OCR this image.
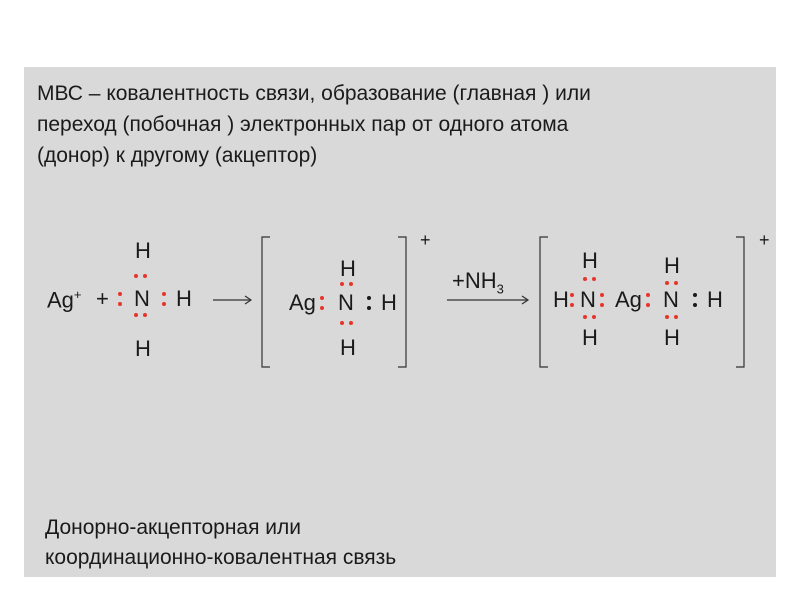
МВС – ковалентность связи, образование (главная ) или
переход (побочная ) электронных пар от одного атома
(донор) к другому (акцептор)
Ag+ +
H
N H
H
H
Ag N H
H
+
$+NH_3$
H
H N
H
Ag
H
N H
H
+
Донорно-акцепторная или
координационно-ковалентная связь
